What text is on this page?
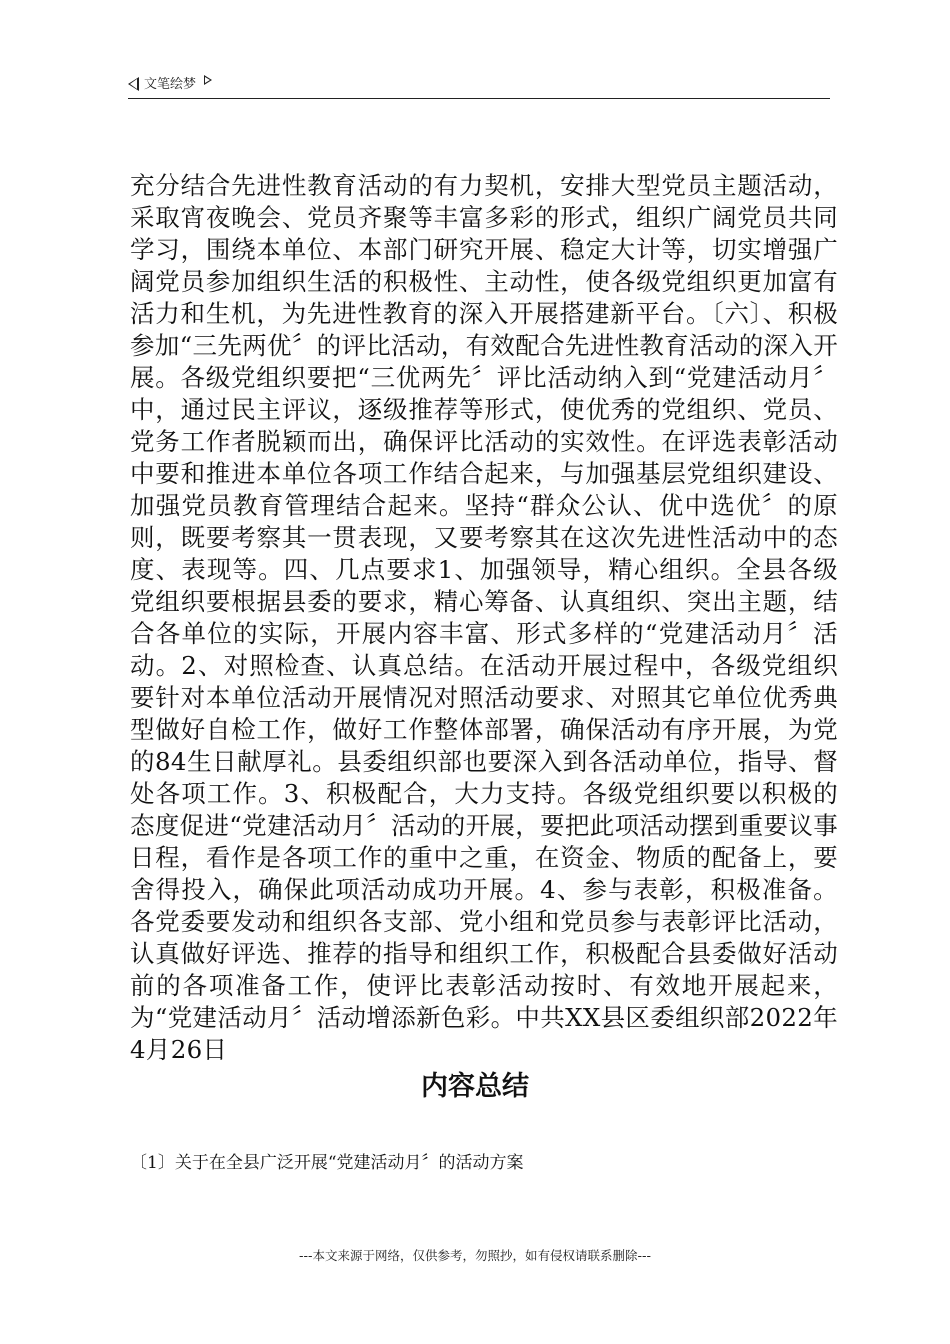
文笔绘梦

充分结合先进性教育活动的有力契机，安排大型党员主题活动，采取宵夜晚会、党员齐聚等丰富多彩的形式，组织广阔党员共同学习，围绕本单位、本部门研究开展、稳定大计等，切实增强广阔党员参加组织生活的积极性、主动性，使各级党组织更加富有活力和生机，为先进性教育的深入开展搭建新平台。〔六〕、积极参加“三先两优〞的评比活动，有效配合先进性教育活动的深入开展。各级党组织要把“三优两先〞评比活动纳入到“党建活动月〞中，通过民主评议，逐级推荐等形式，使优秀的党组织、党员、党务工作者脱颖而出，确保评比活动的实效性。在评选表彰活动中要和推进本单位各项工作结合起来，与加强基层党组织建设、加强党员教育管理结合起来。坚持“群众公认、优中选优〞的原则，既要考察其一贯表现，又要考察其在这次先进性活动中的态度、表现等。四、几点要求1、加强领导，精心组织。全县各级党组织要根据县委的要求，精心筹备、认真组织、突出主题，结合各单位的实际，开展内容丰富、形式多样的“党建活动月〞活动。2、对照检查、认真总结。在活动开展过程中，各级党组织要针对本单位活动开展情况对照活动要求、对照其它单位优秀典型做好自检工作，做好工作整体部署，确保活动有序开展，为党的84生日献厚礼。县委组织部也要深入到各活动单位，指导、督处各项工作。3、积极配合，大力支持。各级党组织要以积极的态度促进“党建活动月〞活动的开展，要把此项活动摆到重要议事日程，看作是各项工作的重中之重，在资金、物质的配备上，要舍得投入，确保此项活动成功开展。4、参与表彰，积极准备。各党委要发动和组织各支部、党小组和党员参与表彰评比活动，认真做好评选、推荐的指导和组织工作，积极配合县委做好活动前的各项准备工作，使评比表彰活动按时、有效地开展起来，为“党建活动月〞活动增添新色彩。中共XX县区委组织部2022年4月26日

内容总结

〔1〕关于在全县广泛开展“党建活动月〞的活动方案

---本文来源于网络，仅供参考，勿照抄，如有侵权请联系删除---
